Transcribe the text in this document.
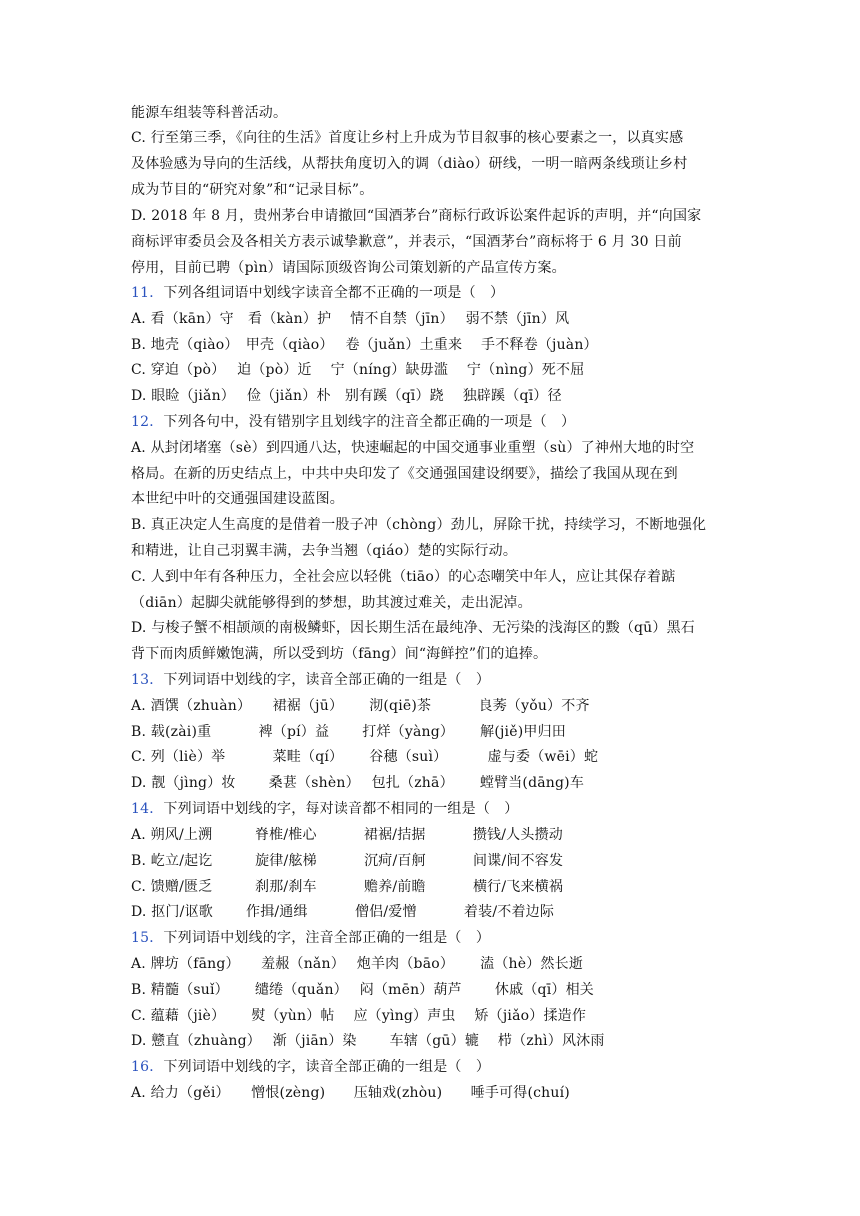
能源车组装等科普活动。
C. 行至第三季，《向往的生活》首度让乡村上升成为节目叙事的核心要素之一，以真实感
及体验感为导向的生活线，从帮扶角度切入的调（diào）研线，一明一暗两条线琐让乡村
成为节目的“研究对象”和“记录目标”。
D. 2018 年 8 月，贵州茅台申请撤回“国酒茅台”商标行政诉讼案件起诉的声明，并“向国家
商标评审委员会及各相关方表示诚挚歉意”，并表示，“国酒茅台”商标将于 6 月 30 日前
停用，目前已聘（pìn）请国际顶级咨询公司策划新的产品宣传方案。
11．下列各组词语中划线字读音全都不正确的一项是（　）
A. 看（kān）守　看（kàn）护　 情不自禁（jīn）　 弱不禁（jīn）风
B. 地壳（qiào）　甲壳（qiào）　 卷（juǎn）土重来　 手不释卷（juàn）
C. 穿迫（pò）　 迫（pò）近　 宁（níng）缺毋滥　 宁（nìng）死不屈
D. 眼睑（jiǎn）　 俭（jiǎn）朴　别有蹊（qī）跷　 独辟蹊（qī）径
12．下列各句中，没有错别字且划线字的注音全都正确的一项是（　）
A. 从封闭堵塞（sè）到四通八达，快速崛起的中国交通事业重塑（sù）了神州大地的时空
格局。在新的历史结点上，中共中央印发了《交通强国建设纲要》，描绘了我国从现在到
本世纪中叶的交通强国建设蓝图。
B. 真正决定人生高度的是借着一股子冲（chòng）劲儿，屏除干扰，持续学习，不断地强化
和精进，让自己羽翼丰满，去争当翘（qiáo）楚的实际行动。
C. 人到中年有各种压力，全社会应以轻佻（tiāo）的心态嘲笑中年人，应让其保存着踮
（diān）起脚尖就能够得到的梦想，助其渡过难关，走出泥淖。
D. 与梭子蟹不相颉颃的南极鳞虾，因长期生活在最纯净、无污染的浅海区的黢（qū）黑石
背下而肉质鲜嫩饱满，所以受到坊（fāng）间“海鲜控”们的追捧。
13．下列词语中划线的字，读音全部正确的一组是（　）
A. 酒馔（zhuàn）　　裙裾（jū）　　 沏(qiē)茶　　　 良莠（yǒu）不齐
B. 载(zài)重　　　 裨（pí）益　　 打烊（yàng）　　 解(jiě)甲归田
C. 列（liè）举　　　 菜畦（qí）　　 谷穗（suì）　　　 虚与委（wēi）蛇
D. 靓（jìng）妆　　 桑葚（shèn）　 包扎（zhā）　　 螳臂当(dāng)车
14．下列词语中划线的字，每对读音都不相同的一组是（　）
A. 朔风/上溯　　　脊椎/椎心　　　 裙裾/拮据　　　 攒钱/人头攒动
B. 屹立/起讫　　　旋律/舷梯　　　 沉疴/百舸　　　 间谍/间不容发
C. 馈赠/匮乏　　　刹那/刹车　　　 赡养/前瞻　　　 横行/飞来横祸
D. 抠门/讴歌　　 作揖/通缉　　　 僧侣/爱憎　　　 着装/不着边际
15．下列词语中划线的字，注音全部正确的一组是（　）
A. 牌坊（fāng）　　羞赧（nǎn）　 炮羊肉（bāo）　　 溘（hè）然长逝
B. 精髓（suǐ）　　 缱绻（quǎn）　 闷（mēn）葫芦　　 休戚（qī）相关
C. 蕴藉（jiè）　　 熨（yùn）帖　 应（yìng）声虫　 矫（jiǎo）揉造作
D. 戆直（zhuàng）　 渐（jiān）染　　 车辖（gū）辘　 栉（zhì）风沐雨
16．下列词语中划线的字，读音全部正确的一组是（　）
A. 给力（gěi）　　憎恨(zèng)　　压轴戏(zhòu)　　唾手可得(chuí)
